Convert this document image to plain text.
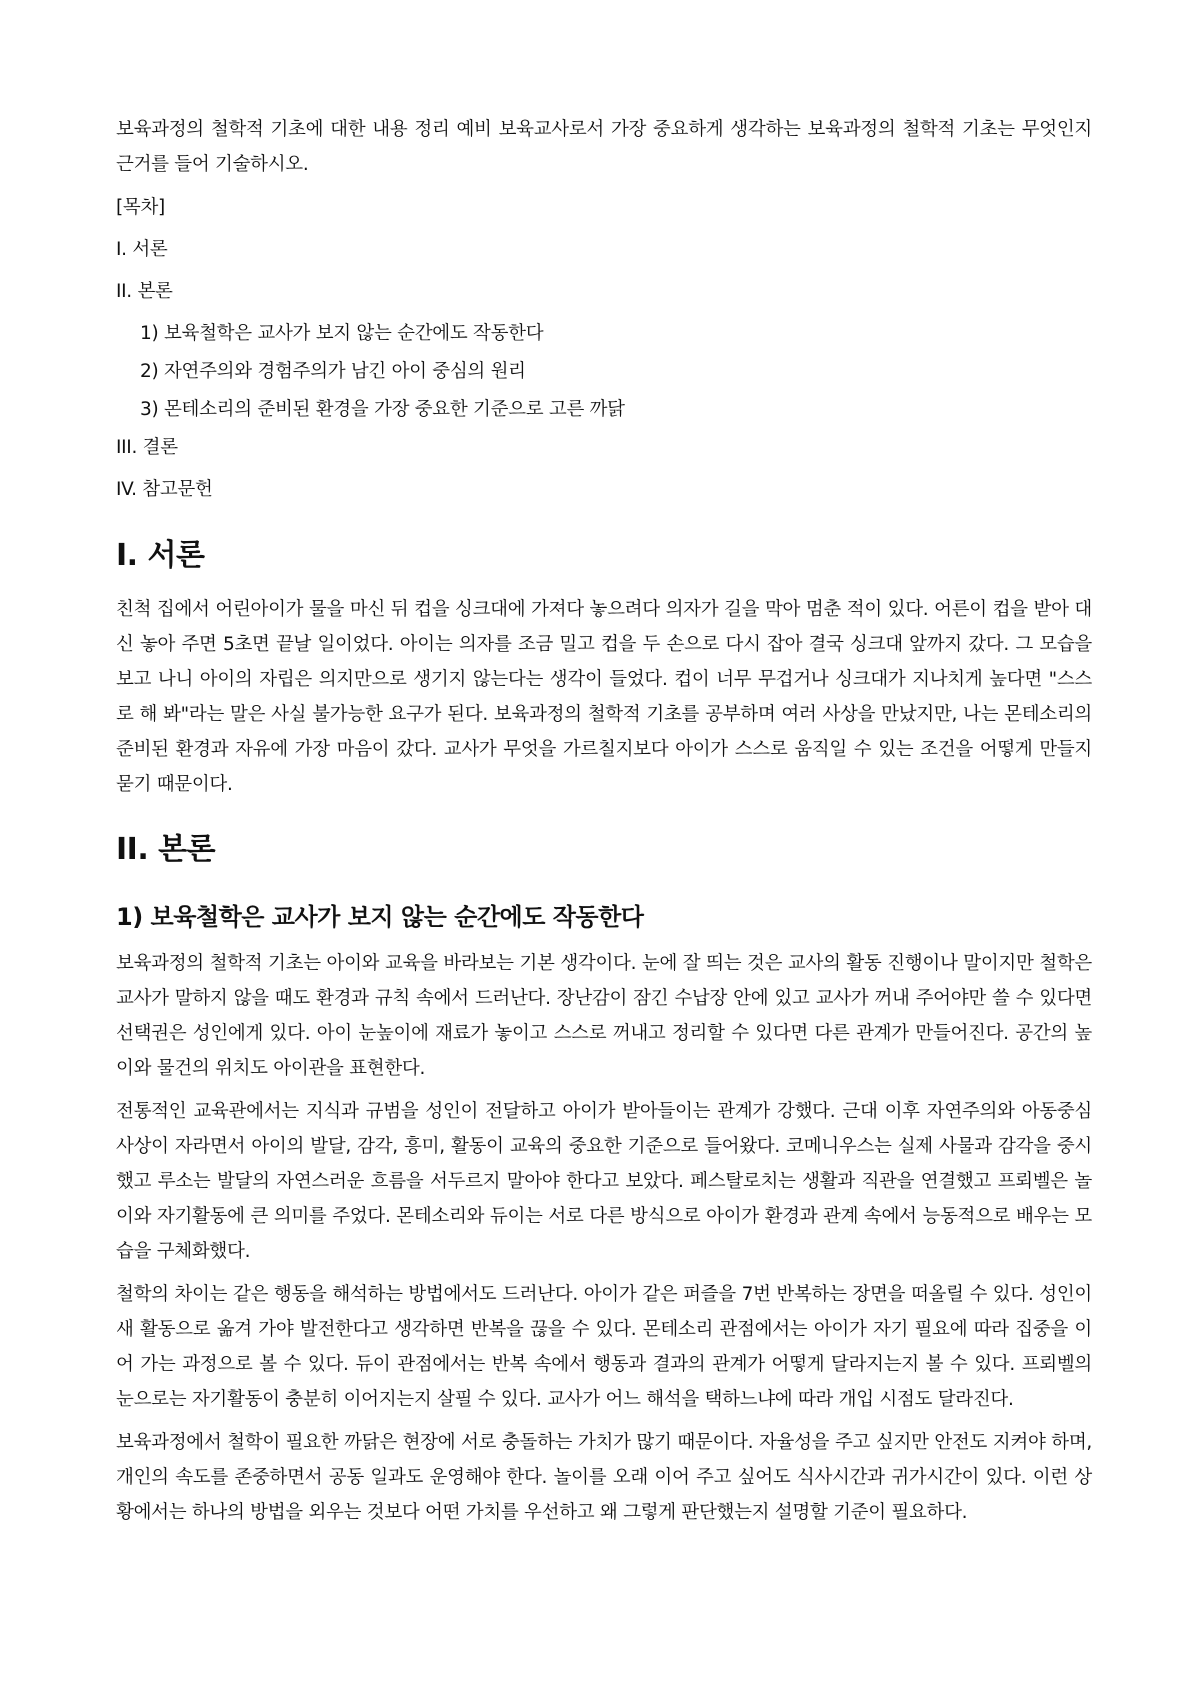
보육과정의 철학적 기초에 대한 내용 정리 예비 보육교사로서 가장 중요하게 생각하는 보육과정의 철학적 기초는 무엇인지 근거를 들어 기술하시오.

[목차]
I. 서론
II. 본론
1) 보육철학은 교사가 보지 않는 순간에도 작동한다
2) 자연주의와 경험주의가 남긴 아이 중심의 원리
3) 몬테소리의 준비된 환경을 가장 중요한 기준으로 고른 까닭
III. 결론
IV. 참고문헌
I. 서론

친척 집에서 어린아이가 물을 마신 뒤 컵을 싱크대에 가져다 놓으려다 의자가 길을 막아 멈춘 적이 있다. 어른이 컵을 받아 대신 놓아 주면 5초면 끝날 일이었다. 아이는 의자를 조금 밀고 컵을 두 손으로 다시 잡아 결국 싱크대 앞까지 갔다. 그 모습을 보고 나니 아이의 자립은 의지만으로 생기지 않는다는 생각이 들었다. 컵이 너무 무겁거나 싱크대가 지나치게 높다면 "스스로 해 봐"라는 말은 사실 불가능한 요구가 된다. 보육과정의 철학적 기초를 공부하며 여러 사상을 만났지만, 나는 몬테소리의 준비된 환경과 자유에 가장 마음이 갔다. 교사가 무엇을 가르칠지보다 아이가 스스로 움직일 수 있는 조건을 어떻게 만들지 묻기 때문이다.

II. 본론
1) 보육철학은 교사가 보지 않는 순간에도 작동한다

보육과정의 철학적 기초는 아이와 교육을 바라보는 기본 생각이다. 눈에 잘 띄는 것은 교사의 활동 진행이나 말이지만 철학은 교사가 말하지 않을 때도 환경과 규칙 속에서 드러난다. 장난감이 잠긴 수납장 안에 있고 교사가 꺼내 주어야만 쓸 수 있다면 선택권은 성인에게 있다. 아이 눈높이에 재료가 놓이고 스스로 꺼내고 정리할 수 있다면 다른 관계가 만들어진다. 공간의 높이와 물건의 위치도 아이관을 표현한다.

전통적인 교육관에서는 지식과 규범을 성인이 전달하고 아이가 받아들이는 관계가 강했다. 근대 이후 자연주의와 아동중심 사상이 자라면서 아이의 발달, 감각, 흥미, 활동이 교육의 중요한 기준으로 들어왔다. 코메니우스는 실제 사물과 감각을 중시했고 루소는 발달의 자연스러운 흐름을 서두르지 말아야 한다고 보았다. 페스탈로치는 생활과 직관을 연결했고 프뢰벨은 놀이와 자기활동에 큰 의미를 주었다. 몬테소리와 듀이는 서로 다른 방식으로 아이가 환경과 관계 속에서 능동적으로 배우는 모습을 구체화했다.

철학의 차이는 같은 행동을 해석하는 방법에서도 드러난다. 아이가 같은 퍼즐을 7번 반복하는 장면을 떠올릴 수 있다. 성인이 새 활동으로 옮겨 가야 발전한다고 생각하면 반복을 끊을 수 있다. 몬테소리 관점에서는 아이가 자기 필요에 따라 집중을 이어 가는 과정으로 볼 수 있다. 듀이 관점에서는 반복 속에서 행동과 결과의 관계가 어떻게 달라지는지 볼 수 있다. 프뢰벨의 눈으로는 자기활동이 충분히 이어지는지 살필 수 있다. 교사가 어느 해석을 택하느냐에 따라 개입 시점도 달라진다.

보육과정에서 철학이 필요한 까닭은 현장에 서로 충돌하는 가치가 많기 때문이다. 자율성을 주고 싶지만 안전도 지켜야 하며, 개인의 속도를 존중하면서 공동 일과도 운영해야 한다. 놀이를 오래 이어 주고 싶어도 식사시간과 귀가시간이 있다. 이런 상황에서는 하나의 방법을 외우는 것보다 어떤 가치를 우선하고 왜 그렇게 판단했는지 설명할 기준이 필요하다.
